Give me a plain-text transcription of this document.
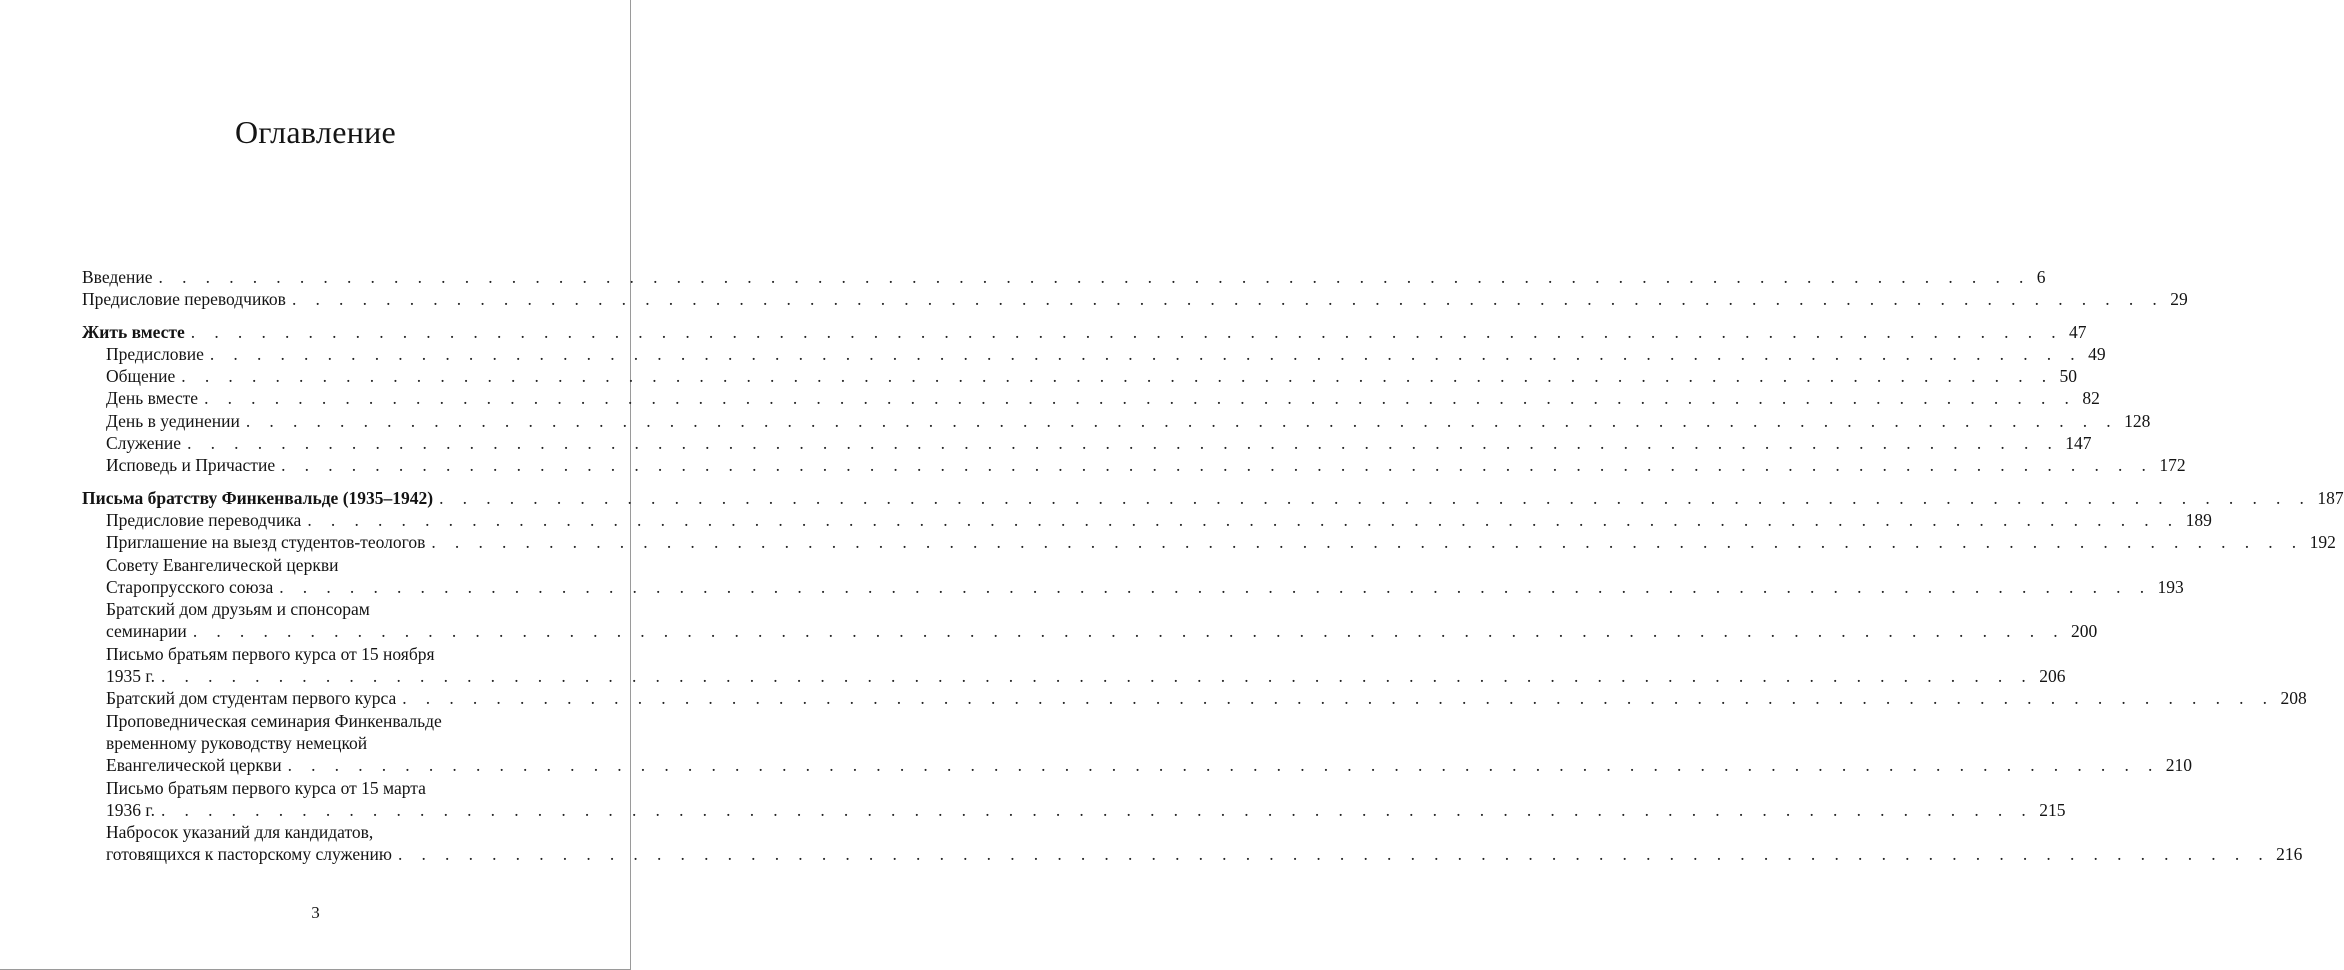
Оглавление
Введение . . . . . . . . . . . . . . . . . . . . . . . . . . . . . . . . . . . . . . . . . . . . . . . . . . . . . . . . . . . . . . . . . . . . . . . . . . . . . . . . 6
Предисловие переводчиков . . . . . . . . . . . . . . . . . . . . . . . . . . . . . . . . . . . . . . . . . . . . . . . . . . . . . . . . . . . . . . . . . . . . . . . . . . . . . . . . 29
Жить вместе . . . . . . . . . . . . . . . . . . . . . . . . . . . . . . . . . . . . . . . . . . . . . . . . . . . . . . . . . . . . . . . . . . . . . . . . . . . . . . . . 47
Предисловие . . . . . . . . . . . . . . . . . . . . . . . . . . . . . . . . . . . . . . . . . . . . . . . . . . . . . . . . . . . . . . . . . . . . . . . . . . . . . . . . 49
Общение . . . . . . . . . . . . . . . . . . . . . . . . . . . . . . . . . . . . . . . . . . . . . . . . . . . . . . . . . . . . . . . . . . . . . . . . . . . . . . . . 50
День вместе . . . . . . . . . . . . . . . . . . . . . . . . . . . . . . . . . . . . . . . . . . . . . . . . . . . . . . . . . . . . . . . . . . . . . . . . . . . . . . . . 82
День в уединении . . . . . . . . . . . . . . . . . . . . . . . . . . . . . . . . . . . . . . . . . . . . . . . . . . . . . . . . . . . . . . . . . . . . . . . . . . . . . . . . 128
Служение . . . . . . . . . . . . . . . . . . . . . . . . . . . . . . . . . . . . . . . . . . . . . . . . . . . . . . . . . . . . . . . . . . . . . . . . . . . . . . . . 147
Исповедь и Причастие . . . . . . . . . . . . . . . . . . . . . . . . . . . . . . . . . . . . . . . . . . . . . . . . . . . . . . . . . . . . . . . . . . . . . . . . . . . . . . . . 172
Письма братству Финкенвальде (1935–1942) . . . . . . . . . . . . . . . . . . . . . . . . . . . . . . . . . . . . . . . . . . . . . . . . . . . . . . . . . . . . . . . . . . . . . . . . . . . . . . . . 187
Предисловие переводчика . . . . . . . . . . . . . . . . . . . . . . . . . . . . . . . . . . . . . . . . . . . . . . . . . . . . . . . . . . . . . . . . . . . . . . . . . . . . . . . . 189
Приглашение на выезд студентов-теологов . . . . . . . . . . . . . . . . . . . . . . . . . . . . . . . . . . . . . . . . . . . . . . . . . . . . . . . . . . . . . . . . . . . . . . . . . . . . . . . . 192
Совету Евангелической церкви
Старопрусского союза . . . . . . . . . . . . . . . . . . . . . . . . . . . . . . . . . . . . . . . . . . . . . . . . . . . . . . . . . . . . . . . . . . . . . . . . . . . . . . . . 193
Братский дом друзьям и спонсорам
семинарии . . . . . . . . . . . . . . . . . . . . . . . . . . . . . . . . . . . . . . . . . . . . . . . . . . . . . . . . . . . . . . . . . . . . . . . . . . . . . . . . 200
Письмо братьям первого курса от 15 ноября
1935 г. . . . . . . . . . . . . . . . . . . . . . . . . . . . . . . . . . . . . . . . . . . . . . . . . . . . . . . . . . . . . . . . . . . . . . . . . . . . . . . . . 206
Братский дом студентам первого курса . . . . . . . . . . . . . . . . . . . . . . . . . . . . . . . . . . . . . . . . . . . . . . . . . . . . . . . . . . . . . . . . . . . . . . . . . . . . . . . . 208
Проповедническая семинария Финкенвальде
временному руководству немецкой
Евангелической церкви . . . . . . . . . . . . . . . . . . . . . . . . . . . . . . . . . . . . . . . . . . . . . . . . . . . . . . . . . . . . . . . . . . . . . . . . . . . . . . . . 210
Письмо братьям первого курса от 15 марта
1936 г. . . . . . . . . . . . . . . . . . . . . . . . . . . . . . . . . . . . . . . . . . . . . . . . . . . . . . . . . . . . . . . . . . . . . . . . . . . . . . . . . 215
Набросок указаний для кандидатов,
готовящихся к пасторскому служению . . . . . . . . . . . . . . . . . . . . . . . . . . . . . . . . . . . . . . . . . . . . . . . . . . . . . . . . . . . . . . . . . . . . . . . . . . . . . . . . 216
3
